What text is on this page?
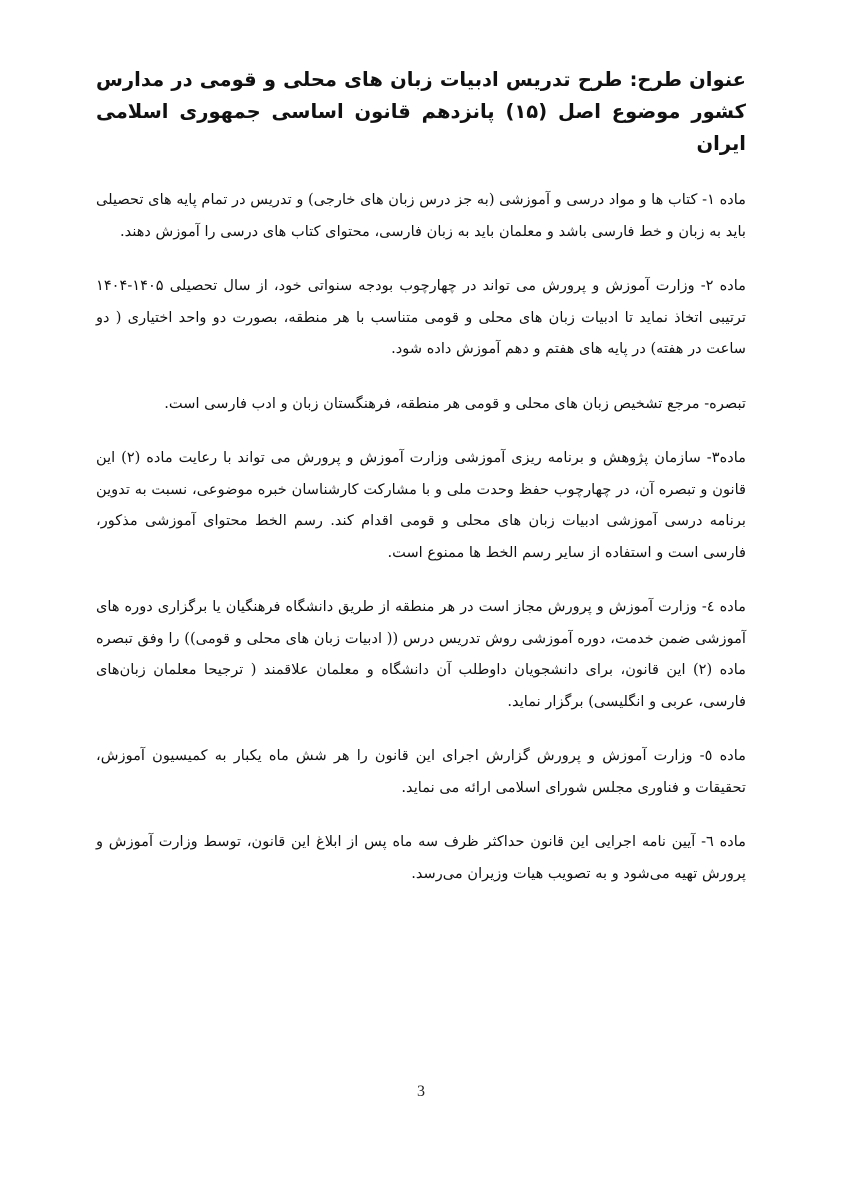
عنوان طرح: طرح تدریس ادبیات زبان های محلی و قومی در مدارس کشور موضوع اصل (۱۵) پانزدهم قانون اساسی جمهوری اسلامی ایران

ماده ۱- کتاب ها و مواد درسی و آموزشی (به جز درس زبان های خارجی) و تدریس در تمام پایه های تحصیلی باید به زبان و خط فارسی باشد و معلمان باید به زبان فارسی، محتوای کتاب های درسی را آموزش دهند.

ماده ۲- وزارت آموزش و پرورش می تواند در چهارچوب بودجه سنواتی خود، از سال تحصیلی ۱۴۰۵-۱۴۰۴ ترتیبی اتخاذ نماید تا ادبیات زبان های محلی و قومی متناسب با هر منطقه، بصورت دو واحد اختیاری ( دو ساعت در هفته) در پایه های هفتم و دهم آموزش داده شود.

تبصره- مرجع تشخیص زبان های محلی و قومی هر منطقه، فرهنگستان زبان و ادب فارسی است.

ماده۳- سازمان پژوهش و برنامه ریزی آموزشی وزارت آموزش و پرورش می تواند با رعایت ماده (۲) این قانون و تبصره آن، در چهارچوب حفظ وحدت ملی و با مشارکت کارشناسان خبره موضوعی، نسبت به تدوین برنامه درسی آموزشی ادبیات زبان های محلی و قومی اقدام کند. رسم الخط محتوای آموزشی مذکور، فارسی است و استفاده از سایر رسم الخط ها ممنوع است.

ماده ٤- وزارت آموزش و پرورش مجاز است در هر منطقه از طریق دانشگاه فرهنگیان یا برگزاری دوره های آموزشی ضمن خدمت، دوره آموزشی روش تدریس درس (( ادبیات زبان های محلی و قومی)) را وفق تبصره ماده (۲) این قانون، برای دانشجویان داوطلب آن دانشگاه و معلمان علاقمند ( ترجیحا معلمان زبان‌های فارسی، عربی و انگلیسی) برگزار نماید.

ماده ٥- وزارت آموزش و پرورش گزارش اجرای این قانون را هر شش ماه یکبار به کمیسیون آموزش، تحقیقات و فناوری مجلس شورای اسلامی ارائه می نماید.

ماده ٦- آیین نامه اجرایی این قانون حداکثر ظرف سه ماه پس از ابلاغ این قانون، توسط وزارت آموزش و پرورش تهیه می‌شود و به تصویب هیات وزیران می‌رسد.

3
